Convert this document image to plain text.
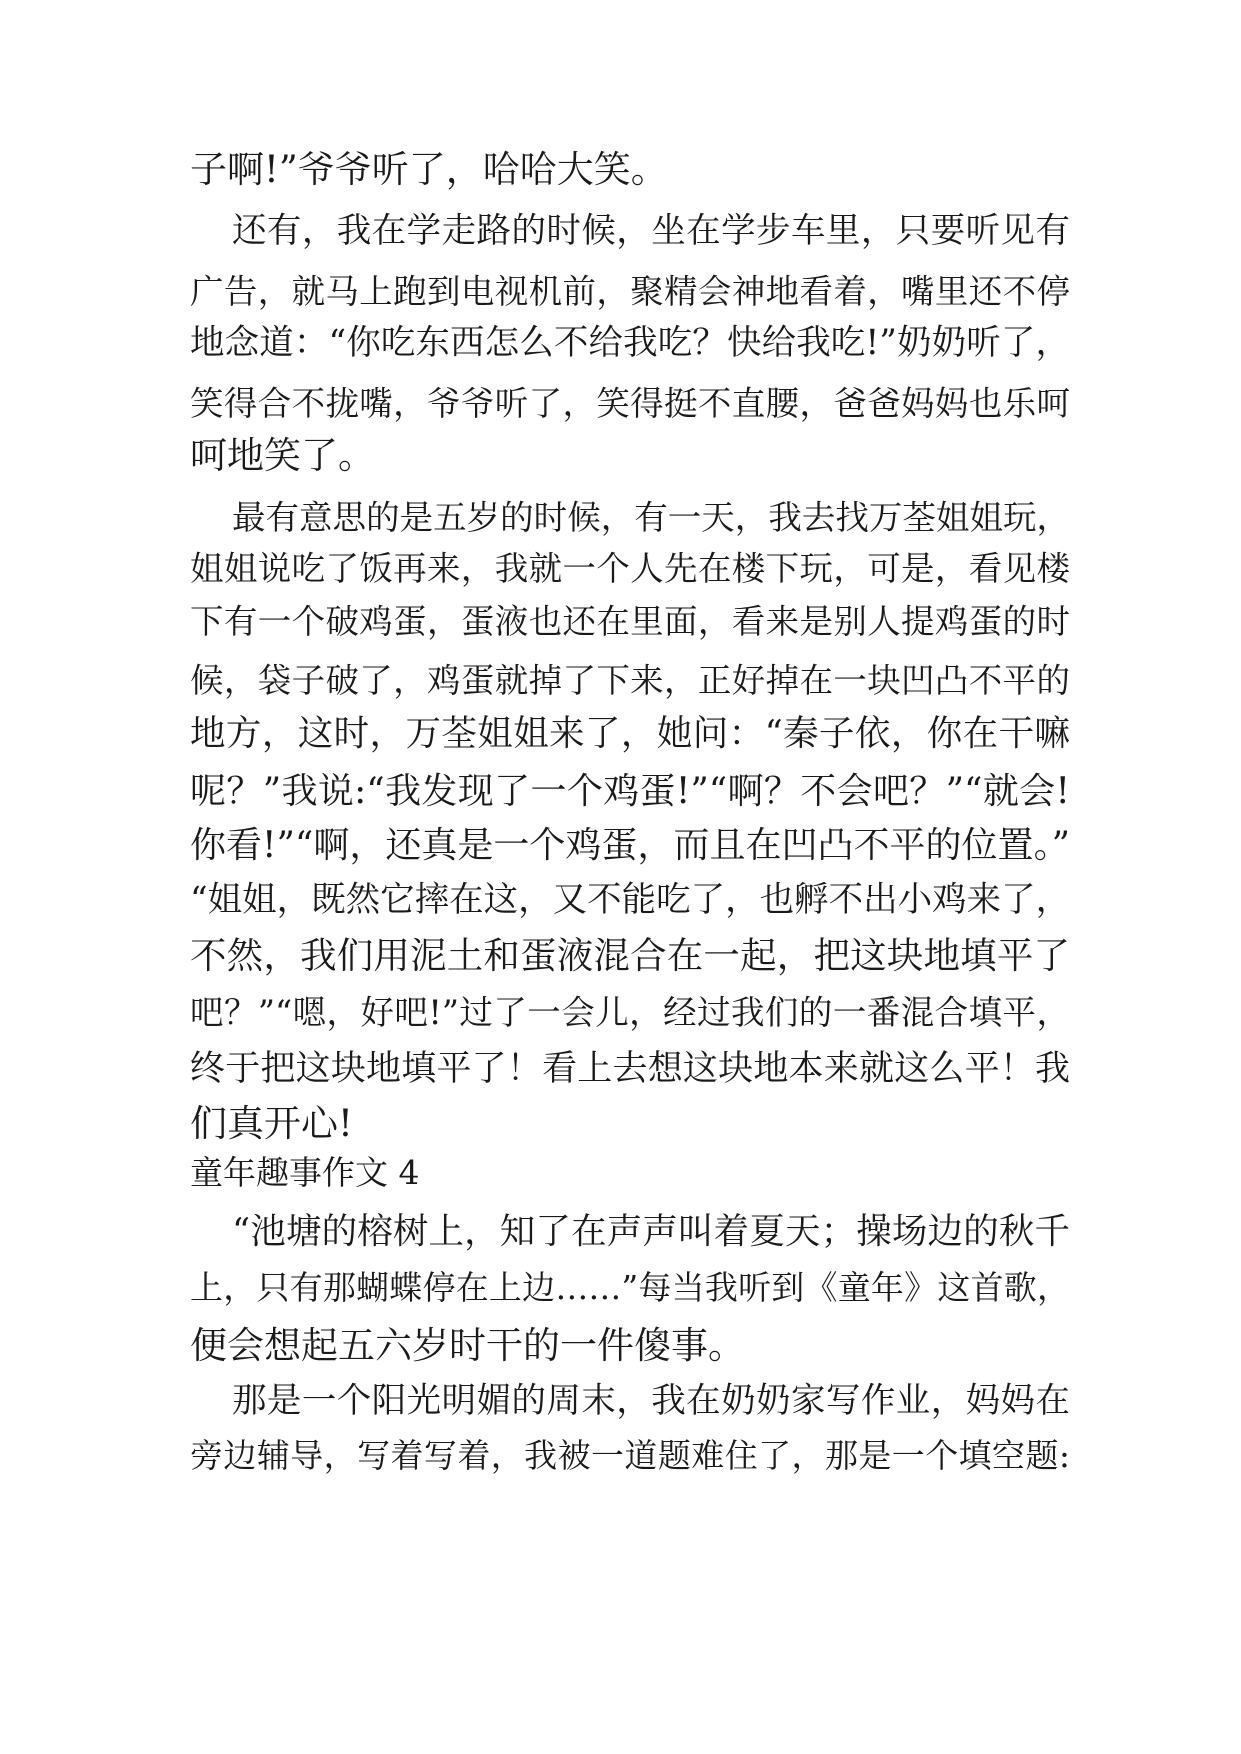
子啊!”爷爷听了，哈哈大笑。
还有，我在学走路的时候，坐在学步车里，只要听见有
广告，就马上跑到电视机前，聚精会神地看着，嘴里还不停
地念道：“你吃东西怎么不给我吃？快给我吃!”奶奶听了，
笑得合不拢嘴，爷爷听了，笑得挺不直腰，爸爸妈妈也乐呵
呵地笑了。
最有意思的是五岁的时候，有一天，我去找万荃姐姐玩，
姐姐说吃了饭再来，我就一个人先在楼下玩，可是，看见楼
下有一个破鸡蛋，蛋液也还在里面，看来是别人提鸡蛋的时
候，袋子破了，鸡蛋就掉了下来，正好掉在一块凹凸不平的
地方，这时，万荃姐姐来了，她问：“秦子依，你在干嘛
呢？”我说:“我发现了一个鸡蛋!”“啊？不会吧？”“就会!
你看!”“啊，还真是一个鸡蛋，而且在凹凸不平的位置。”
“姐姐，既然它摔在这，又不能吃了，也孵不出小鸡来了，
不然，我们用泥土和蛋液混合在一起，把这块地填平了
吧？”“嗯，好吧!”过了一会儿，经过我们的一番混合填平，
终于把这块地填平了！看上去想这块地本来就这么平！我
们真开心!
童年趣事作文 4
“池塘的榕树上，知了在声声叫着夏天；操场边的秋千
上，只有那蝴蝶停在上边……”每当我听到《童年》这首歌，
便会想起五六岁时干的一件傻事。
那是一个阳光明媚的周末，我在奶奶家写作业，妈妈在
旁边辅导，写着写着，我被一道题难住了，那是一个填空题:
